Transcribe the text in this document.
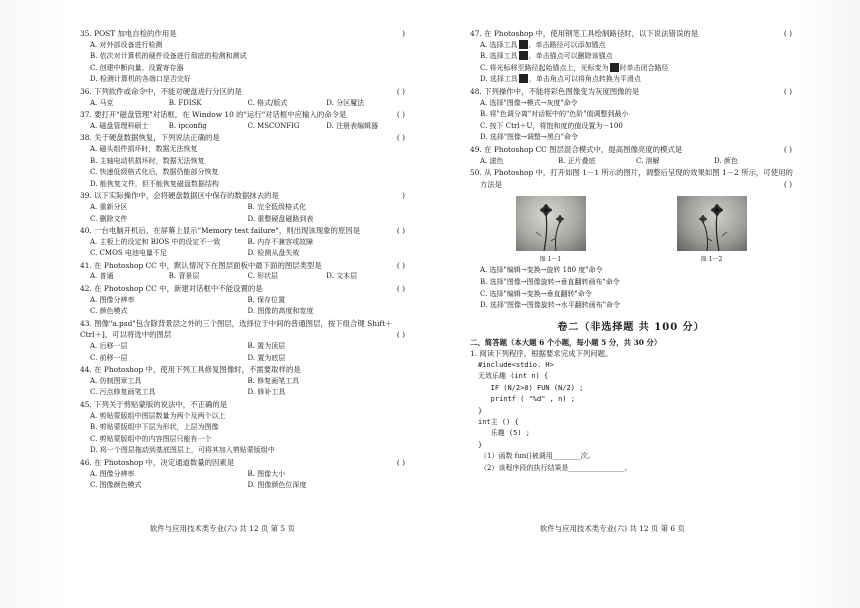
35. POST 加电自检的作用是	)
A. 对外部设备进行检测
B. 依次对计算机的硬件设备进行彻底的检测和测试
C. 创建中断向量、设置寄存器
D. 检测计算机的各端口是否完好
36. 下列软件或命令中，不能对硬盘进行分区的是	( )
A. 马克	B. FDISK	C. 格式/版式	D. 分区魔法
37. 要打开"磁盘管理"对话框，在 Window 10 的"运行"对话框中应输入的命令是	( )
A. 磁盘管理科硕士	B. ipconfig	C. MSCONFIG	D. 注册表编辑器
38. 关于硬盘数据恢复，下列说法正确的是	( )
A. 磁头组件损坏时，数据无法恢复
B. 主轴电动机损坏时，数据无法恢复
C. 快速低级格式化后，数据仍能部分恢复
D. 能恢复文件，但不能恢复磁盘数据结构
39. 以下实际操作中，会将硬盘数据区中保存的数据抹去的是	)
A. 重新分区	B. 完全低级格式化
C. 删除文件	D. 重整硬盘磁路到表
40. 一台电脑开机后，在屏幕上显示"Memory test failure"，则出现该现象的原因是	( )
A. 主板上的设定和 BIOS 中的设定不一致	B. 内存不兼容或故障
C. CMOS 电池电量不足	D. 检测从盘失败
41. 在 Photoshop CC 中，默认情况下在图层面板中最下面的图层类型是	( )
A. 普通	B. 背景层	C. 形状层	D. 文本层
42. 在 Photoshop CC 中，新建对话框中不能设置的是	( )
A. 图像分辨率	B. 保存位置
C. 颜色模式	D. 图像的高度和宽度
43. 图像"a.psd"包含除背景层之外的三个图层，选择位于中间的普通图层，按下组合键 Shift＋
Ctrl＋]，可以将选中的图层	( )
A. 后移一层	B. 置为顶层
C. 前移一层	D. 置为底层
44. 在 Photoshop 中，使用下列工具修复图像时，不需要取样的是
A. 仿制图章工具	B. 修复画笔工具
C. 污点修复画笔工具	D. 修补工具
45. 下列关于剪贴蒙版的说法中，不正确的是
A. 剪贴蒙版组中图层数量为两个及两个以上
B. 剪贴蒙版组中下层为形状，上层为图像
C. 剪贴蒙版组中的内容图层只能有一个
D. 将一个图层拖动到基底图层上，可将其加入剪贴蒙版组中
46. 在 Photoshop 中，决定通道数量的因素是	( )
A. 图像分辨率	B. 图像大小
C. 图像颜色模式	D. 图像颜色位深度
软件与应用技术类专业(六) 共 12 页 第 5 页
47. 在 Photoshop 中，使用钢笔工具绘制路径时，以下说法错误的是	( )
A. 选择工具 ，单击路径可以添加锚点
B. 选择工具 ，单击锚点可以删除该锚点
C. 将光标移至路径起始锚点上，光标变为 时单击闭合路径
D. 选择工具 ，单击角点可以将角点转换为平滑点
48. 下列操作中，不能将彩色图像变为灰度图像的是	( )
A. 选择"图像→模式→灰度"命令
B. 将"色调分离"对话框中的"色阶"值调整到最小
C. 按下 Ctrl＋U，将饱和度的值设置为－100
D. 选择"图像→调整→黑白"命令
49. 在 Photoshop CC 图层混合模式中，提高图像亮度的模式是	( )
A. 滤色	B. 正片叠底	C. 溶解	D. 颜色
50. 从 Photoshop 中，打开如图 1－1 所示的图片，调整后呈现的效果如图 1－2 所示，可使用的
方法是	( )
图 1－1	图 1－2
A. 选择"编辑→变换→旋转 180 度"命令
B. 选择"图像→图像旋转→垂直翻转画布"命令
C. 选择"编辑→变换→垂直翻转"命令
D. 选择"图像→图像旋转→水平翻转画布"命令
卷二（非选择题 共 100 分）
二、简答题（本大题 6 个小题，每小题 5 分，共 30 分）
1. 阅读下列程序，根据要求完成下列问题。
#include<stdio. H>
无效乐趣 (int n) {
IF (N/2>0) FUN (N/2) ;
printf ( "%d" , n) ;
}
int主 () {
乐趣 (5) ;
}
（1）函数 fun()被调用________次。
（2）该程序段的执行结果是________________。
软件与应用技术类专业(六) 共 12 页 第 6 页
